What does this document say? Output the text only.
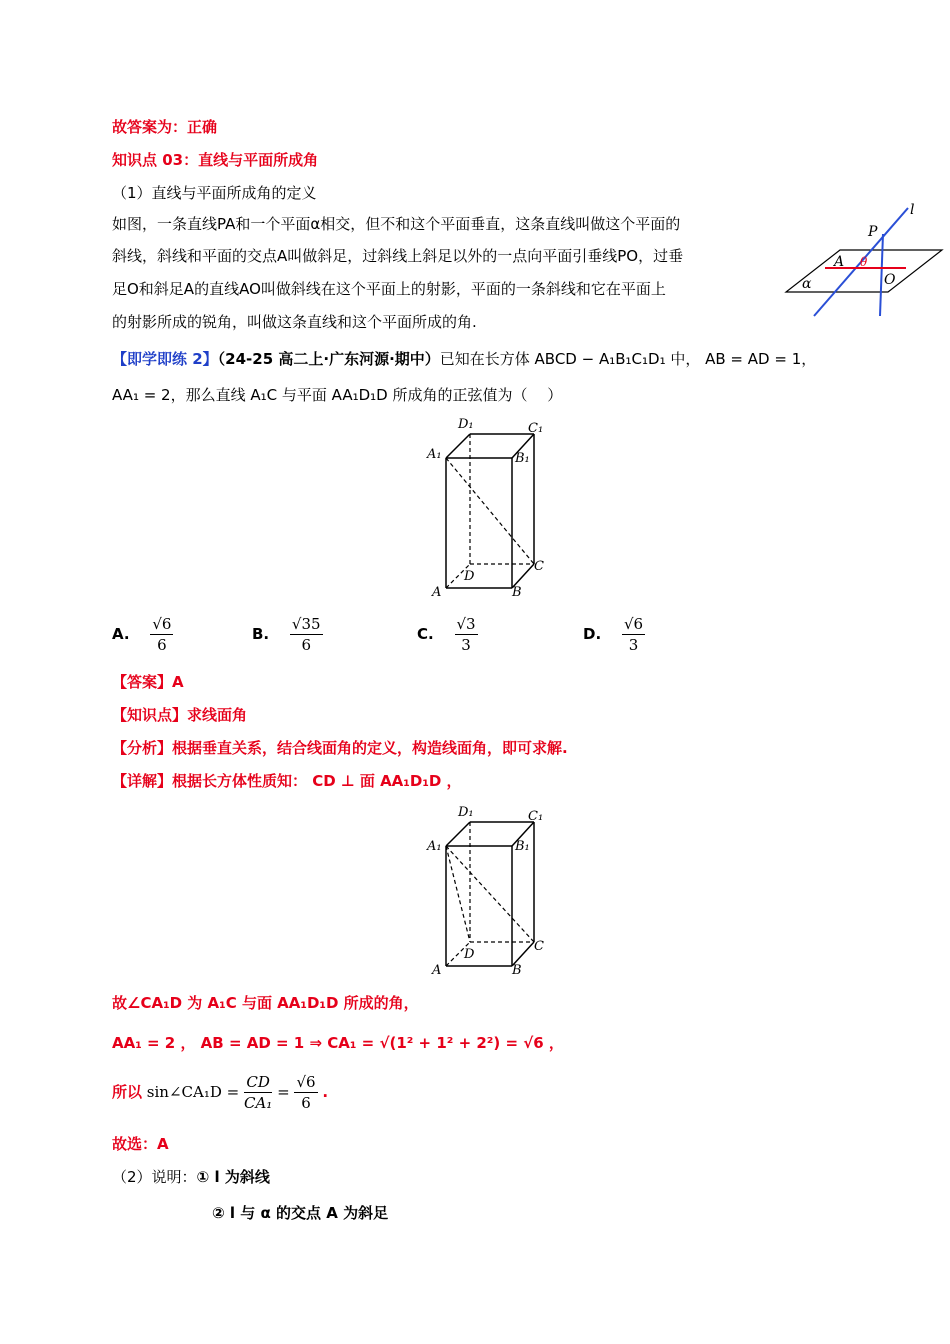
故答案为：正确
知识点 03：直线与平面所成角
（1）直线与平面所成角的定义
如图，一条直线PA和一个平面α相交，但不和这个平面垂直，这条直线叫做这个平面的
斜线，斜线和平面的交点A叫做斜足，过斜线上斜足以外的一点向平面引垂线PO，过垂
足O和斜足A的直线AO叫做斜线在这个平面上的射影，平面的一条斜线和它在平面上
的射影所成的锐角，叫做这条直线和这个平面所成的角.
l
P
A θ
O
α
【即学即练 2】（24-25 高二上·广东河源·期中）已知在长方体 ABCD − A₁B₁C₁D₁ 中， AB = AD = 1，
AA₁ = 2，那么直线 A₁C 与平面 AA₁D₁D 所成角的正弦值为（　 ）
D₁	C₁
A₁	B₁
C
D
A	B
A. $\frac{√6}{6}$	B. $\frac{√35}{6}$	C. $\frac{√3}{3}$	D. $\frac{√6}{3}$
【答案】A
【知识点】求线面角
【分析】根据垂直关系，结合线面角的定义，构造线面角，即可求解.
【详解】根据长方体性质知： CD ⊥ 面 AA₁D₁D ，
D₁	C₁
A₁	B₁
C
D
A	B
故∠CA₁D 为 A₁C 与面 AA₁D₁D 所成的角，
AA₁ = 2 ， AB = AD = 1 ⇒ CA₁ = √(1² + 1² + 2²) = √6 ，
所以 sin∠CA₁D = $\frac{CD}{\text{CA₁}} = \frac{√6}{6}$ .
故选：A
（2）说明：① l 为斜线
② l 与 α 的交点 A 为斜足
